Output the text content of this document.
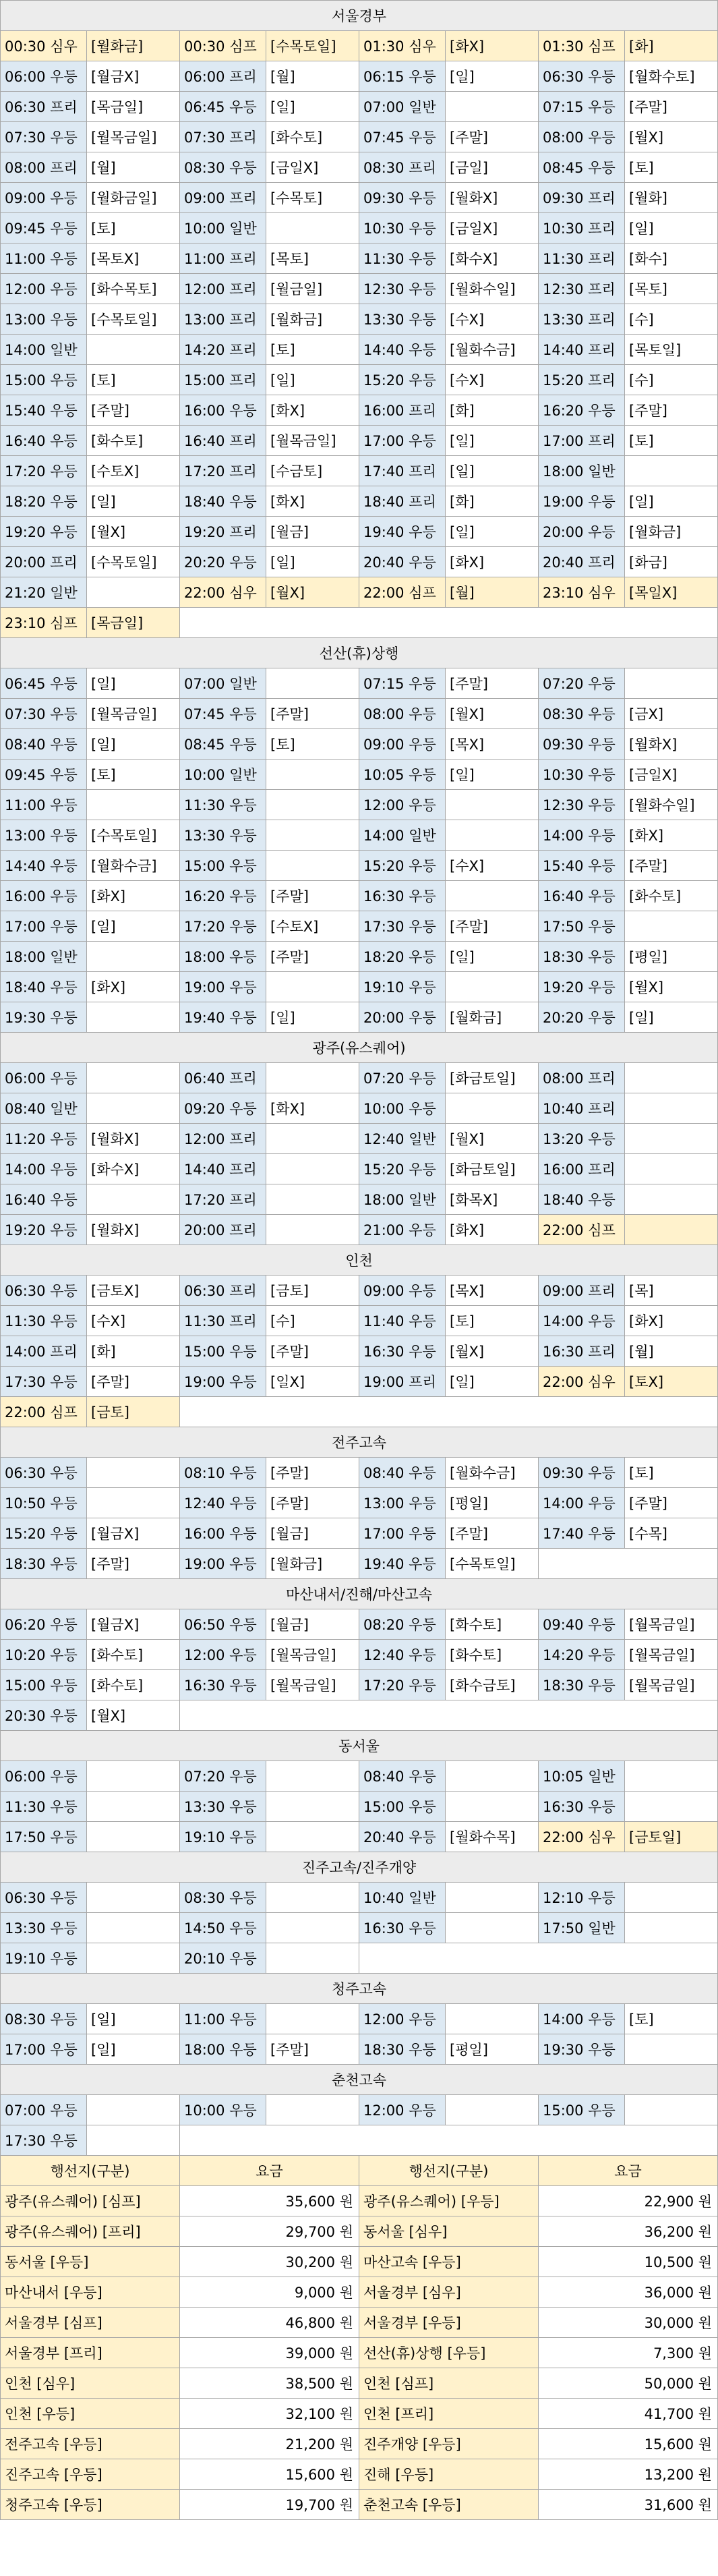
서울경부							
00:30 심우	[월화금]	00:30 심프	[수목토일]	01:30 심우	[화X]	01:30 심프	[화]
06:00 우등	[월금X]	06:00 프리	[월]	06:15 우등	[일]	06:30 우등	[월화수토]
06:30 프리	[목금일]	06:45 우등	[일]	07:00 일반		07:15 우등	[주말]
07:30 우등	[월목금일]	07:30 프리	[화수토]	07:45 우등	[주말]	08:00 우등	[월X]
08:00 프리	[월]	08:30 우등	[금일X]	08:30 프리	[금일]	08:45 우등	[토]
09:00 우등	[월화금일]	09:00 프리	[수목토]	09:30 우등	[월화X]	09:30 프리	[월화]
09:45 우등	[토]	10:00 일반		10:30 우등	[금일X]	10:30 프리	[일]
11:00 우등	[목토X]	11:00 프리	[목토]	11:30 우등	[화수X]	11:30 프리	[화수]
12:00 우등	[화수목토]	12:00 프리	[월금일]	12:30 우등	[월화수일]	12:30 프리	[목토]
13:00 우등	[수목토일]	13:00 프리	[월화금]	13:30 우등	[수X]	13:30 프리	[수]
14:00 일반		14:20 프리	[토]	14:40 우등	[월화수금]	14:40 프리	[목토일]
15:00 우등	[토]	15:00 프리	[일]	15:20 우등	[수X]	15:20 프리	[수]
15:40 우등	[주말]	16:00 우등	[화X]	16:00 프리	[화]	16:20 우등	[주말]
16:40 우등	[화수토]	16:40 프리	[월목금일]	17:00 우등	[일]	17:00 프리	[토]
17:20 우등	[수토X]	17:20 프리	[수금토]	17:40 프리	[일]	18:00 일반	
18:20 우등	[일]	18:40 우등	[화X]	18:40 프리	[화]	19:00 우등	[일]
19:20 우등	[월X]	19:20 프리	[월금]	19:40 우등	[일]	20:00 우등	[월화금]
20:00 프리	[수목토일]	20:20 우등	[일]	20:40 우등	[화X]	20:40 프리	[화금]
21:20 일반		22:00 심우	[월X]	22:00 심프	[월]	23:10 심우	[목일X]
23:10 심프	[목금일]						
선산(휴)상행							
06:45 우등	[일]	07:00 일반		07:15 우등	[주말]	07:20 우등	
07:30 우등	[월목금일]	07:45 우등	[주말]	08:00 우등	[월X]	08:30 우등	[금X]
08:40 우등	[일]	08:45 우등	[토]	09:00 우등	[목X]	09:30 우등	[월화X]
09:45 우등	[토]	10:00 일반		10:05 우등	[일]	10:30 우등	[금일X]
11:00 우등		11:30 우등		12:00 우등		12:30 우등	[월화수일]
13:00 우등	[수목토일]	13:30 우등		14:00 일반		14:00 우등	[화X]
14:40 우등	[월화수금]	15:00 우등		15:20 우등	[수X]	15:40 우등	[주말]
16:00 우등	[화X]	16:20 우등	[주말]	16:30 우등		16:40 우등	[화수토]
17:00 우등	[일]	17:20 우등	[수토X]	17:30 우등	[주말]	17:50 우등	
18:00 일반		18:00 우등	[주말]	18:20 우등	[일]	18:30 우등	[평일]
18:40 우등	[화X]	19:00 우등		19:10 우등		19:20 우등	[월X]
19:30 우등		19:40 우등	[일]	20:00 우등	[월화금]	20:20 우등	[일]
광주(유스퀘어)							
06:00 우등		06:40 프리		07:20 우등	[화금토일]	08:00 프리	
08:40 일반		09:20 우등	[화X]	10:00 우등		10:40 프리	
11:20 우등	[월화X]	12:00 프리		12:40 일반	[월X]	13:20 우등	
14:00 우등	[화수X]	14:40 프리		15:20 우등	[화금토일]	16:00 프리	
16:40 우등		17:20 프리		18:00 일반	[화목X]	18:40 우등	
19:20 우등	[월화X]	20:00 프리		21:00 우등	[화X]	22:00 심프	
인천							
06:30 우등	[금토X]	06:30 프리	[금토]	09:00 우등	[목X]	09:00 프리	[목]
11:30 우등	[수X]	11:30 프리	[수]	11:40 우등	[토]	14:00 우등	[화X]
14:00 프리	[화]	15:00 우등	[주말]	16:30 우등	[월X]	16:30 프리	[월]
17:30 우등	[주말]	19:00 우등	[일X]	19:00 프리	[일]	22:00 심우	[토X]
22:00 심프	[금토]						
전주고속							
06:30 우등		08:10 우등	[주말]	08:40 우등	[월화수금]	09:30 우등	[토]
10:50 우등		12:40 우등	[주말]	13:00 우등	[평일]	14:00 우등	[주말]
15:20 우등	[월금X]	16:00 우등	[월금]	17:00 우등	[주말]	17:40 우등	[수목]
18:30 우등	[주말]	19:00 우등	[월화금]	19:40 우등	[수목토일]		
마산내서/진해/마산고속							
06:20 우등	[월금X]	06:50 우등	[월금]	08:20 우등	[화수토]	09:40 우등	[월목금일]
10:20 우등	[화수토]	12:00 우등	[월목금일]	12:40 우등	[화수토]	14:20 우등	[월목금일]
15:00 우등	[화수토]	16:30 우등	[월목금일]	17:20 우등	[화수금토]	18:30 우등	[월목금일]
20:30 우등	[월X]						
동서울							
06:00 우등		07:20 우등		08:40 우등		10:05 일반	
11:30 우등		13:30 우등		15:00 우등		16:30 우등	
17:50 우등		19:10 우등		20:40 우등	[월화수목]	22:00 심우	[금토일]
진주고속/진주개양							
06:30 우등		08:30 우등		10:40 일반		12:10 우등	
13:30 우등		14:50 우등		16:30 우등		17:50 일반	
19:10 우등		20:10 우등					
청주고속							
08:30 우등	[일]	11:00 우등		12:00 우등		14:00 우등	[토]
17:00 우등	[일]	18:00 우등	[주말]	18:30 우등	[평일]	19:30 우등	
춘천고속							
07:00 우등		10:00 우등		12:00 우등		15:00 우등	
17:30 우등							
행선지(구분)		요금		행선지(구분)		요금	
광주(유스퀘어) [심프]		35,600 원		광주(유스퀘어) [우등]		22,900 원	
광주(유스퀘어) [프리]		29,700 원		동서울 [심우]		36,200 원	
동서울 [우등]		30,200 원		마산고속 [우등]		10,500 원	
마산내서 [우등]		9,000 원		서울경부 [심우]		36,000 원	
서울경부 [심프]		46,800 원		서울경부 [우등]		30,000 원	
서울경부 [프리]		39,000 원		선산(휴)상행 [우등]		7,300 원	
인천 [심우]		38,500 원		인천 [심프]		50,000 원	
인천 [우등]		32,100 원		인천 [프리]		41,700 원	
전주고속 [우등]		21,200 원		진주개양 [우등]		15,600 원	
진주고속 [우등]		15,600 원		진해 [우등]		13,200 원	
청주고속 [우등]		19,700 원		춘천고속 [우등]		31,600 원	
